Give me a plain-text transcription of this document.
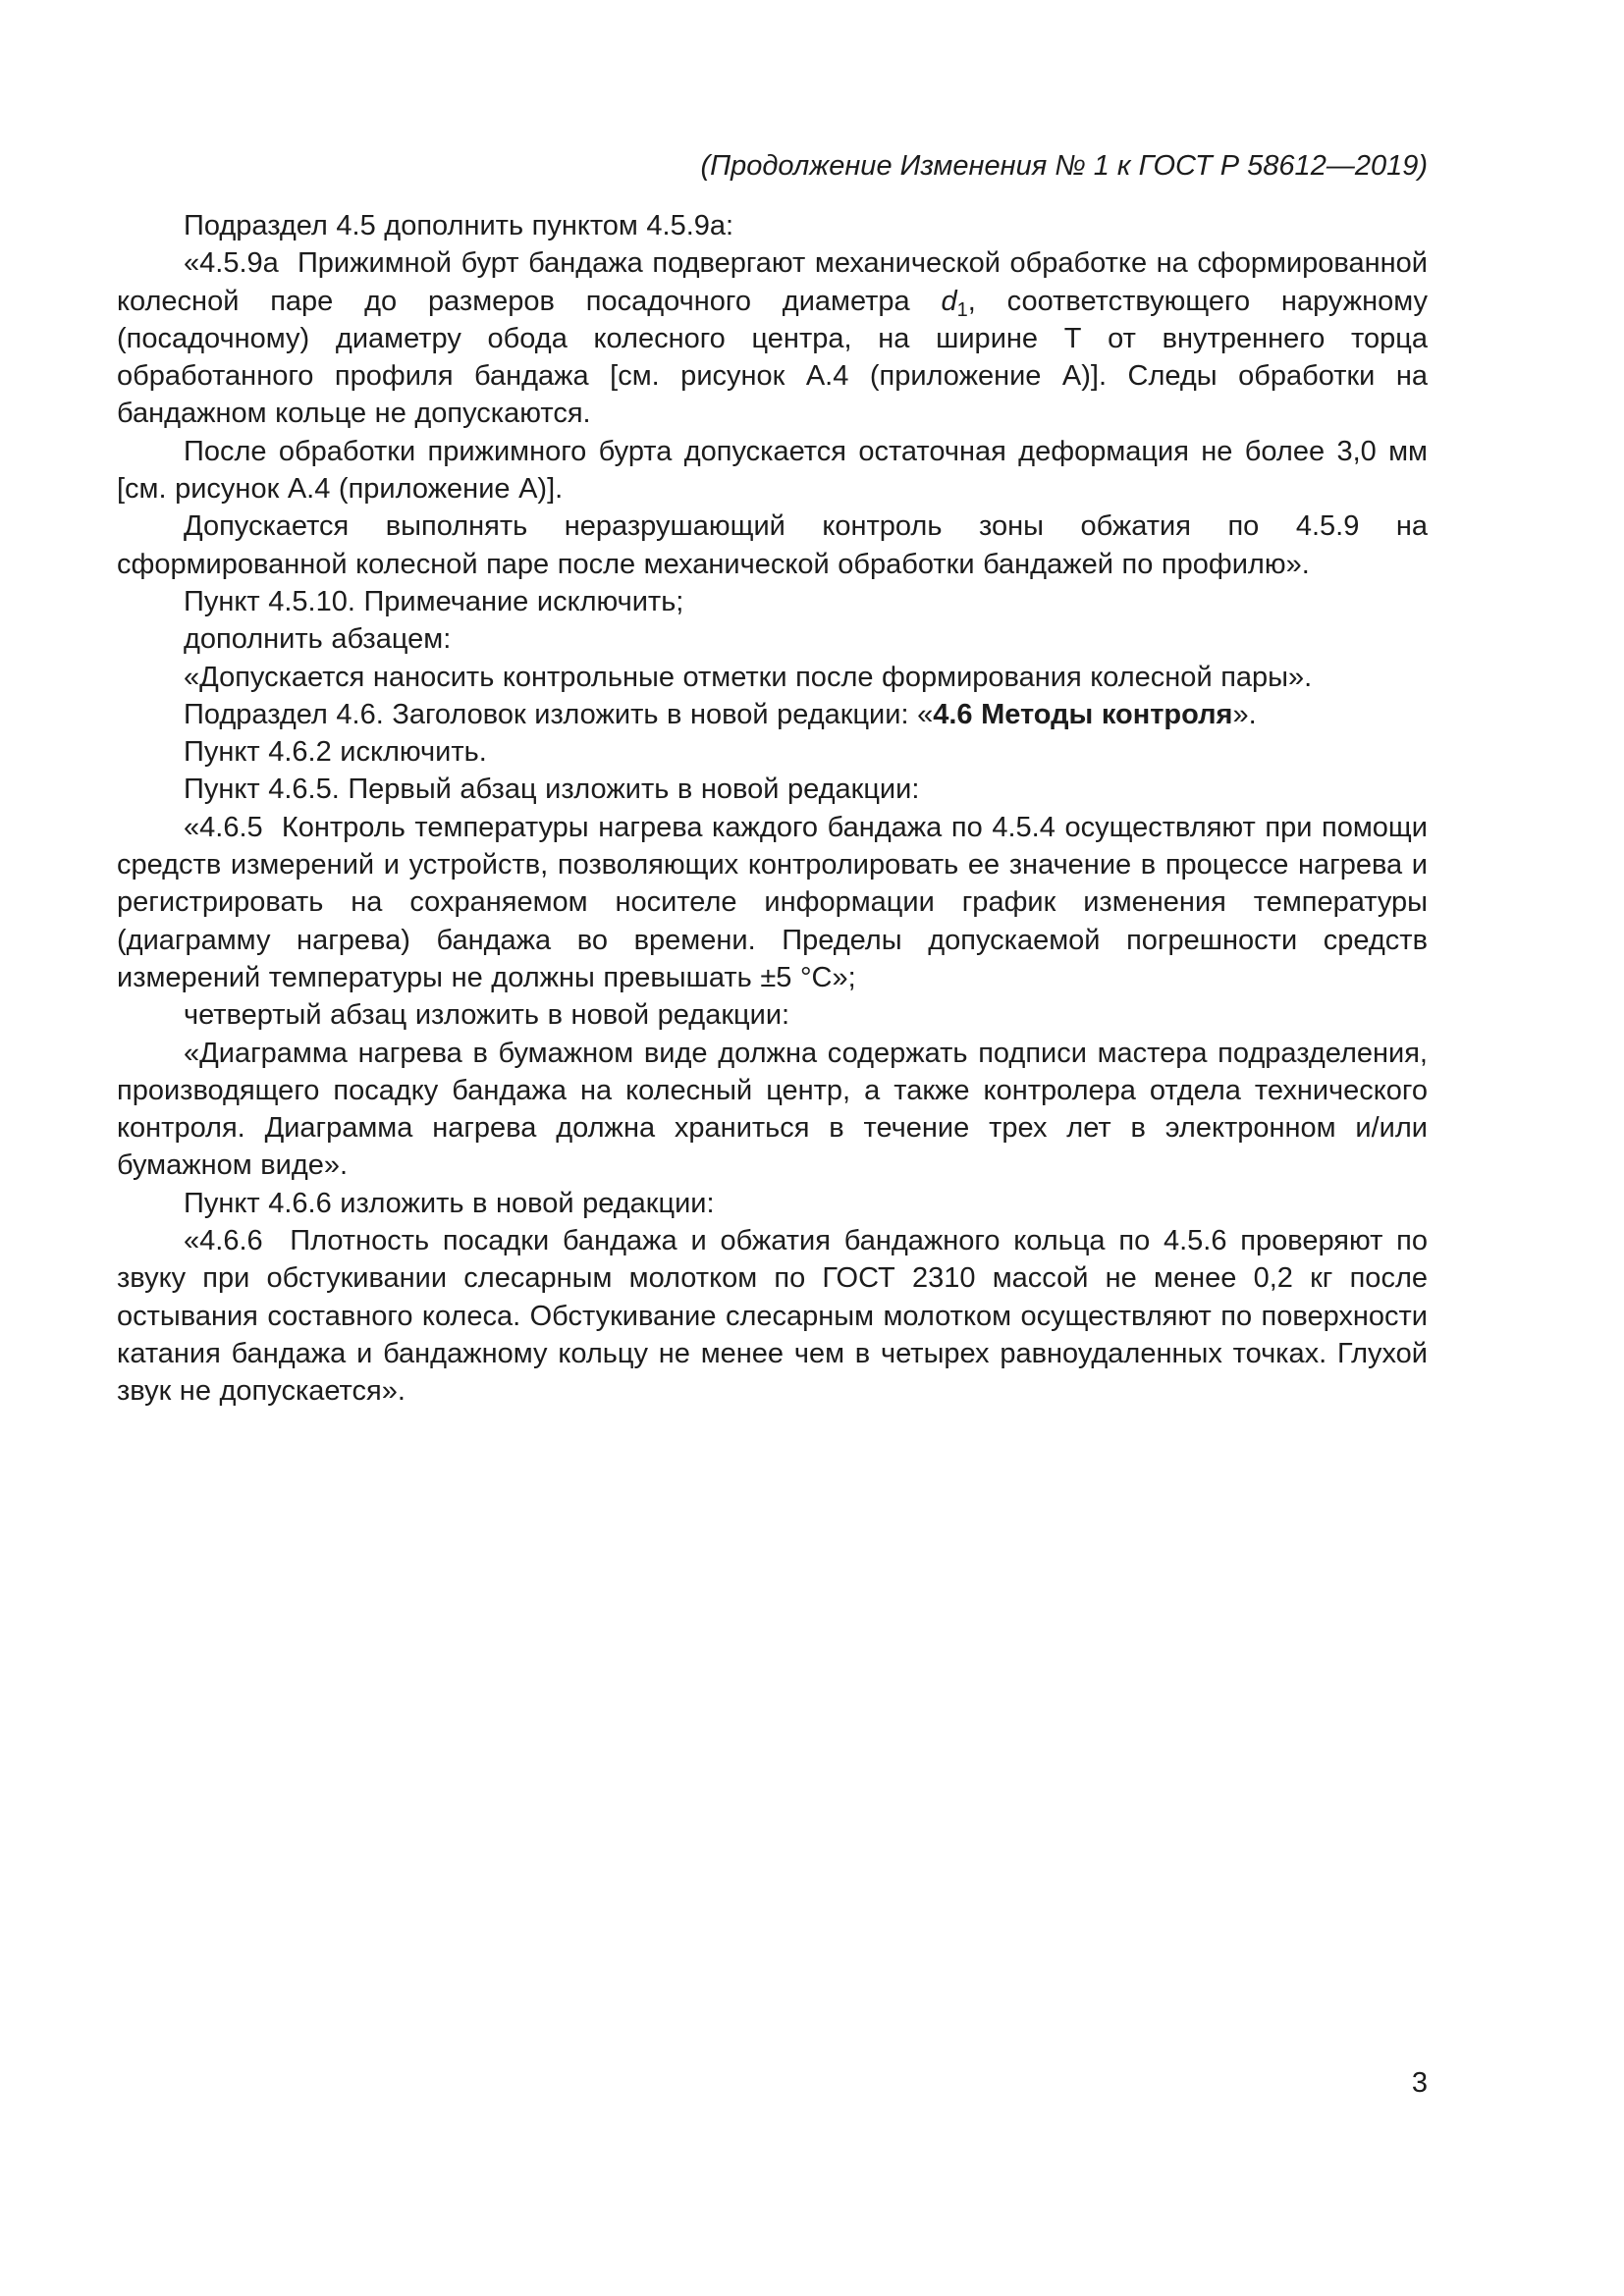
(Продолжение Изменения № 1 к ГОСТ Р 58612—2019)
Подраздел 4.5 дополнить пунктом 4.5.9а:
«4.5.9а  Прижимной бурт бандажа подвергают механической обработке на сформированной колесной паре до размеров посадочного диаметра $d_1$, соответствующего наружному (посадочному) диаметру обода колесного центра, на ширине Т от внутреннего торца обработанного профиля бандажа [см. рисунок А.4 (приложение А)]. Следы обработки на бандажном кольце не допускаются.
После обработки прижимного бурта допускается остаточная деформация не более 3,0 мм [см. рисунок А.4 (приложение А)].
Допускается выполнять неразрушающий контроль зоны обжатия по 4.5.9 на сформированной колесной паре после механической обработки бандажей по профилю».
Пункт 4.5.10. Примечание исключить;
дополнить абзацем:
«Допускается наносить контрольные отметки после формирования колесной пары».
Подраздел 4.6. Заголовок изложить в новой редакции: «4.6 Методы контроля».
Пункт 4.6.2 исключить.
Пункт 4.6.5. Первый абзац изложить в новой редакции:
«4.6.5  Контроль температуры нагрева каждого бандажа по 4.5.4 осуществляют при помощи средств измерений и устройств, позволяющих контролировать ее значение в процессе нагрева и регистрировать на сохраняемом носителе информации график изменения температуры (диаграмму нагрева) бандажа во времени. Пределы допускаемой погрешности средств измерений температуры не должны превышать ±5 °С»;
четвертый абзац изложить в новой редакции:
«Диаграмма нагрева в бумажном виде должна содержать подписи мастера подразделения, производящего посадку бандажа на колесный центр, а также контролера отдела технического контроля. Диаграмма нагрева должна храниться в течение трех лет в электронном и/или бумажном виде».
Пункт 4.6.6 изложить в новой редакции:
«4.6.6  Плотность посадки бандажа и обжатия бандажного кольца по 4.5.6 проверяют по звуку при обстукивании слесарным молотком по ГОСТ 2310 массой не менее 0,2 кг после остывания составного колеса. Обстукивание слесарным молотком осуществляют по поверхности катания бандажа и бандажному кольцу не менее чем в четырех равноудаленных точках. Глухой звук не допускается».
3
